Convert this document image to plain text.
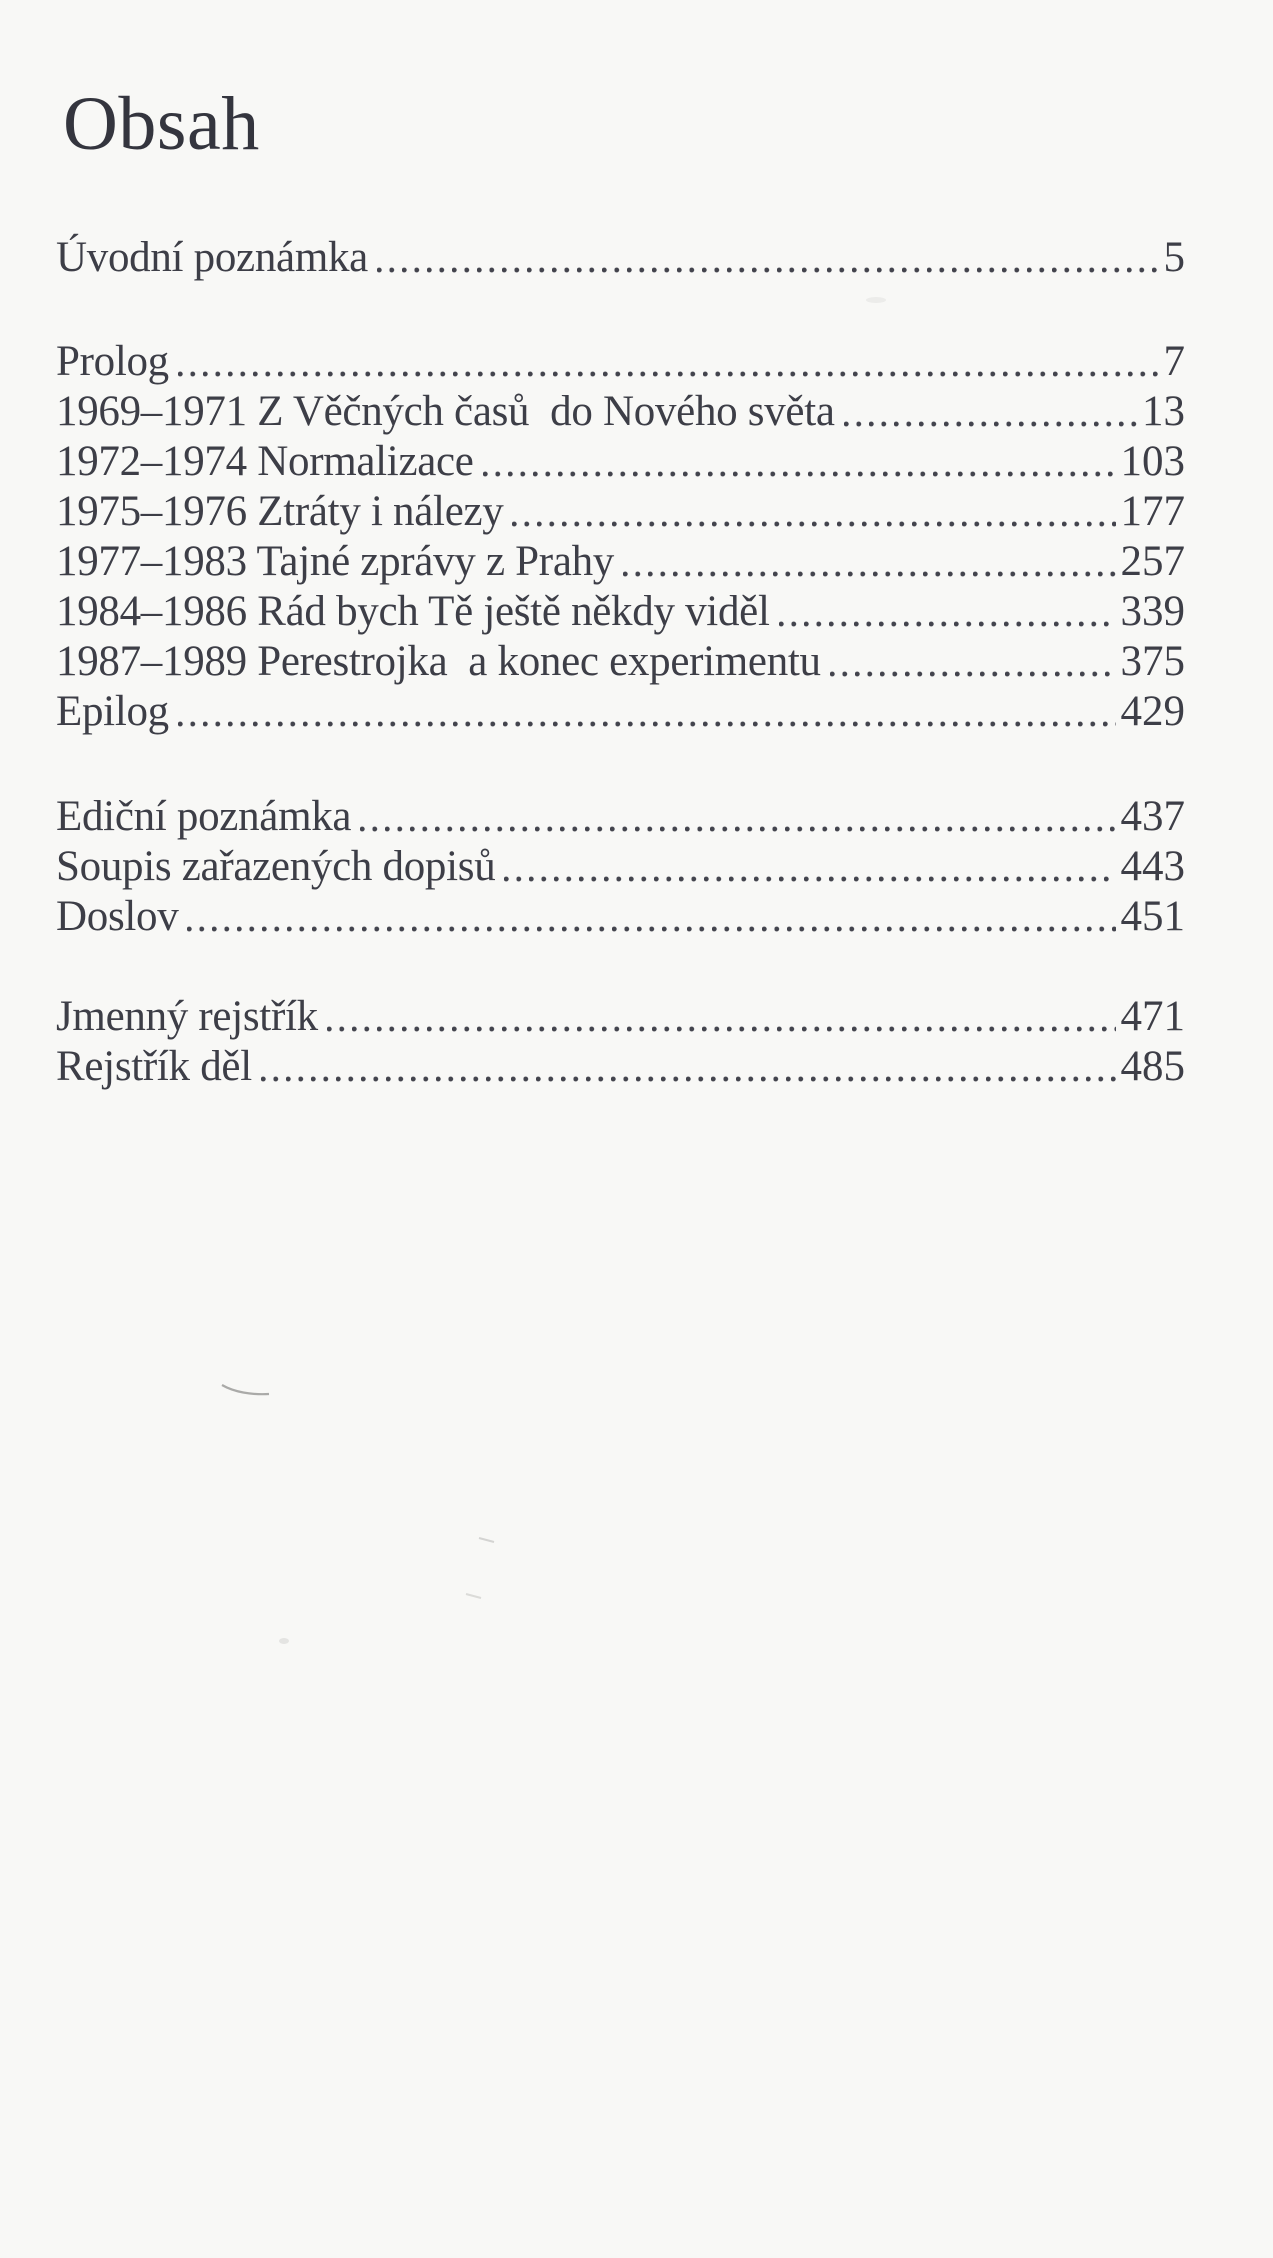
Obsah
Úvodní poznámka	5
Prolog	7
1969–1971 Z Věčných časů  do Nového světa	13
1972–1974 Normalizace	103
1975–1976 Ztráty i nálezy	177
1977–1983 Tajné zprávy z Prahy	257
1984–1986 Rád bych Tě ještě někdy viděl	339
1987–1989 Perestrojka  a konec experimentu	375
Epilog	429
Ediční poznámka	437
Soupis zařazených dopisů	443
Doslov	451
Jmenný rejstřík	471
Rejstřík děl	485
